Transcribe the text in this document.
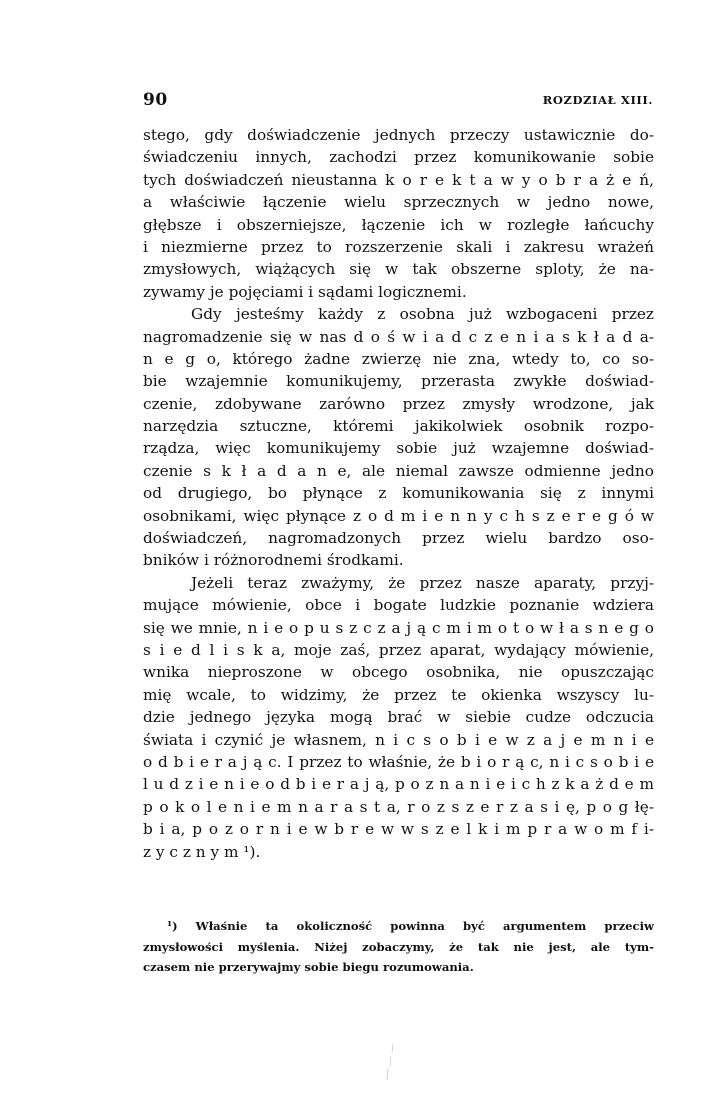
90	ROZDZIAŁ XIII.
stego, gdy doświadczenie jednych przeczy ustawicznie do‑
świadczeniu innych, zachodzi przez komunikowanie sobie
tych doświadczeń nieustanna k o r e k t a w y o b r a ż e ń,
a właściwie łączenie wielu sprzecznych w jedno nowe,
głębsze i obszerniejsze, łączenie ich w rozległe łańcuchy
i niezmierne przez to rozszerzenie skali i zakresu wrażeń
zmysłowych, wiążących się w tak obszerne sploty, że na‑
zywamy je pojęciami i sądami logicznemi.
Gdy jesteśmy każdy z osobna już wzbogaceni przez
nagromadzenie się w nas d o ś w i a d c z e n i a s k ł a d a‑
n e g o, którego żadne zwierzę nie zna, wtedy to, co so‑
bie wzajemnie komunikujemy, przerasta zwykłe doświad‑
czenie, zdobywane zarówno przez zmysły wrodzone, jak
narzędzia sztuczne, któremi jakikolwiek osobnik rozpo‑
rządza, więc komunikujemy sobie już wzajemne doświad‑
czenie s k ł a d a n e, ale niemal zawsze odmienne jedno
od drugiego, bo płynące z komunikowania się z innymi
osobnikami, więc płynące z o d m i e n n y c h s z e r e g ó w
doświadczeń, nagromadzonych przez wielu bardzo oso‑
bników i różnorodnemi środkami.
Jeżeli teraz zważymy, że przez nasze aparaty, przyj‑
mujące mówienie, obce i bogate ludzkie poznanie wdziera
się we mnie, n i e o p u s z c z a j ą c m i m o t o w ł a s n e g o
s i e d l i s k a, moje zaś, przez aparat, wydający mówienie,
wnika nieproszone w obcego osobnika, nie opuszczając
mię wcale, to widzimy, że przez te okienka wszyscy lu‑
dzie jednego języka mogą brać w siebie cudze odczucia
świata i czynić je własnem, n i c s o b i e w z a j e m n i e
o d b i e r a j ą c. I przez to właśnie, że b i o r ą c, n i c s o b i e
l u d z i e n i e o d b i e r a j ą, p o z n a n i e i c h z k a ż d e m
p o k o l e n i e m n a r a s t a, r o z s z e r z a s i ę, p o g łę‑
b i a, p o z o r n i e w b r e w w s z e l k i m p r a w o m f i‑
z y c z n y m ¹).
¹) Właśnie ta okoliczność powinna być argumentem przeciw
zmysłowości myślenia. Niżej zobaczymy, że tak nie jest, ale tym‑
czasem nie przerywajmy sobie biegu rozumowania.
